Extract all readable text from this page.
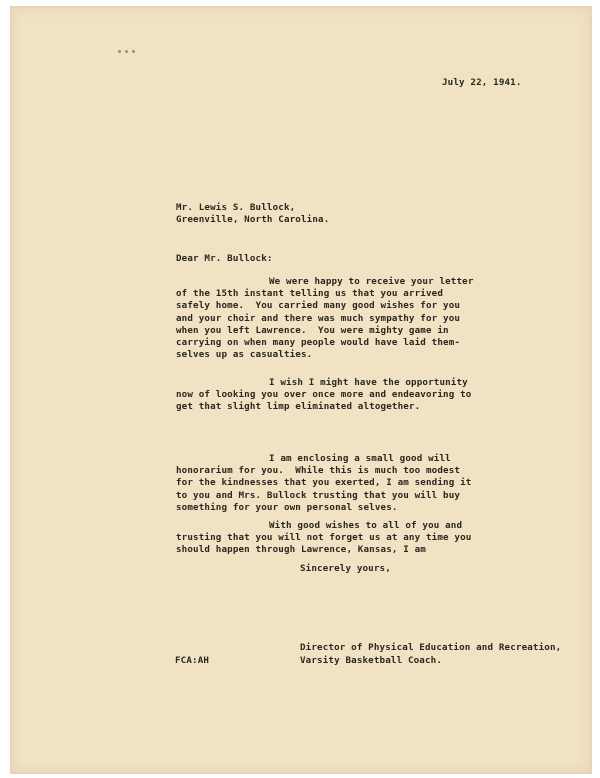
July 22, 1941.
Mr. Lewis S. Bullock,
Greenville, North Carolina.
Dear Mr. Bullock:
We were happy to receive your letter
of the 15th instant telling us that you arrived
safely home.  You carried many good wishes for you
and your choir and there was much sympathy for you
when you left Lawrence.  You were mighty game in
carrying on when many people would have laid them-
selves up as casualties.
I wish I might have the opportunity
now of looking you over once more and endeavoring to
get that slight limp eliminated altogether.
I am enclosing a small good will
honorarium for you.  While this is much too modest
for the kindnesses that you exerted, I am sending it
to you and Mrs. Bullock trusting that you will buy
something for your own personal selves.
With good wishes to all of you and
trusting that you will not forget us at any time you
should happen through Lawrence, Kansas, I am
Sincerely yours,
FCA:AH
Director of Physical Education and Recreation,
Varsity Basketball Coach.
